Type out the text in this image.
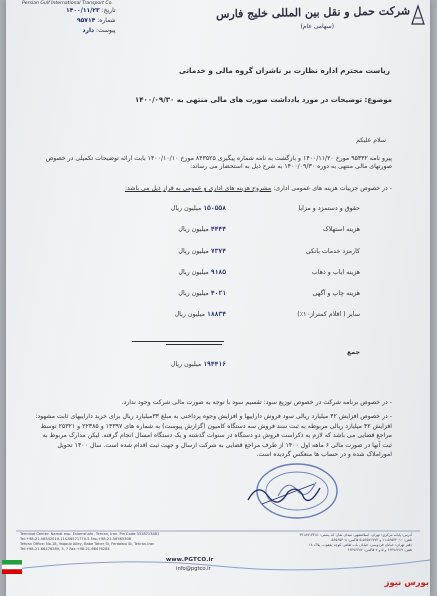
شرکت حمل و نقل بین المللی خلیج فارس
(سهامی عام)
Persian Gulf International Transport Co.
تاریخ: ۱۴۰۰/۱۱/۲۳
شماره: ۹۵۷۱۴
پیوست: دارد
ریاست محترم اداره نظارت بر ناشران گروه مالی و خدماتی
موضوع: توضیحات در مورد یادداشت صورت های مالی منتهی به ۱۴۰۰/۰۹/۳۰
سلام علیکم
پیرو نامه ۹۵۳۳۲ مورخ ۱۴۰۰/۱۱/۲۰ و بازگشت به نامه شماره پیگیری ۸۴۳۵۲۵ مورخ ۱۴۰۰/۱۰/۱۰ بابت ارائه توضیحات تکمیلی در خصوص صورتهای مالی منتهی به دوره ۱۴۰۰/۰۹/۳۰ به شرح ذیل به استحضار می رساند:
- در خصوص جزییات هزینه های عمومی اداری: مشروح هزینه های اداری و عمومی به قرار ذیل می باشد:
حقوق و دستمزد و مزایا
۱۵۰۵۵۸ میلیون ریال
هزینه استهلاک
۴۴۴۴ میلیون ریال
کارمزد خدمات بانکی
۷۳۷۴ میلیون ریال
هزینه ایاب و ذهاب
۹۱۸۵ میلیون ریال
هزینه چاپ و آگهی
۴۰۲۱ میلیون ریال
سایر ( اقلام کمتراز۱۰٪)
۱۸۸۳۴ میلیون ریال
جمع
۱۹۴۴۱۶ میلیون ریال
- در خصوص برنامه شرکت در خصوص توزیع سود: تقسیم سود با توجه به صورت مالی شرکت وجود ندارد.
- در خصوص افزایش ۴۲ میلیارد ریالی سود فروش داراییها و افزایش وجوه پرداختی به مبلغ ۳۳میلیارد ریال برای خرید داراییهای ثابت مشهود: افزایش ۴۲ میلیارد ریالی مربوطه به ثبت سند فروش سه دستگاه کامیون (گزارش پیوست) به شماره های ۱۳۳۹۷ و ۲۲۳۸۵ و ۲۵۳۲۱ توسط مراجع قضایی می باشد که لازم به ذکراست فروش دو دستگاه در سنوات گذشته و یک دستگاه امسال انجام گرفته. لیکن مدارک مربوط به ثبت آنها در صورت مالی ۶ ماهه اول ۱۴۰۰ از طرف مراجع قضایی به شرکت ارسال و جهت ثبت اقدام شده است. سال ۱۴۰۰ تحویل اموراملاک شده و در حساب ها منعکس گردیده است.
Terminal Center: Namat exp. Eslamshahr, Tehran, Iran. Pin Code:3318713481
Tel:+98-21-56542010-11&56571774-5 Fax:+98-21-56565308
Tehran Office: No.18, Yaqoub Alley, Babe Taher St, Ferdowsi St, Tehran-Iran
Tel:+98-21-66476289, 5, 7 Fax:+98-21-66476284
آدرس: پایانه مرکزی: تهران، اسلامشهر، میدان نماز، کد پستی: ۳۳۱۸۷۱۳۴۸۱
تلفن: ۵۶۵۴۲۰۱۰-۱۱ و ۵۶۵۷۱۷۷۴-۵ فاکس: ۵۶۵۶۵۳۰۸
دفتر تهران: خیابان فردوسی، خیابان باب طاهر، کوچه یعقوب، پلاک ۱۸
تلفن: ۶۶۴۷۶۲۸۹ و ۵ و ۷ فاکس: ۶۶۴۷۶۲۸۴
www.PGTCO.ir
info@pgtco.ir
بورس نیوز
